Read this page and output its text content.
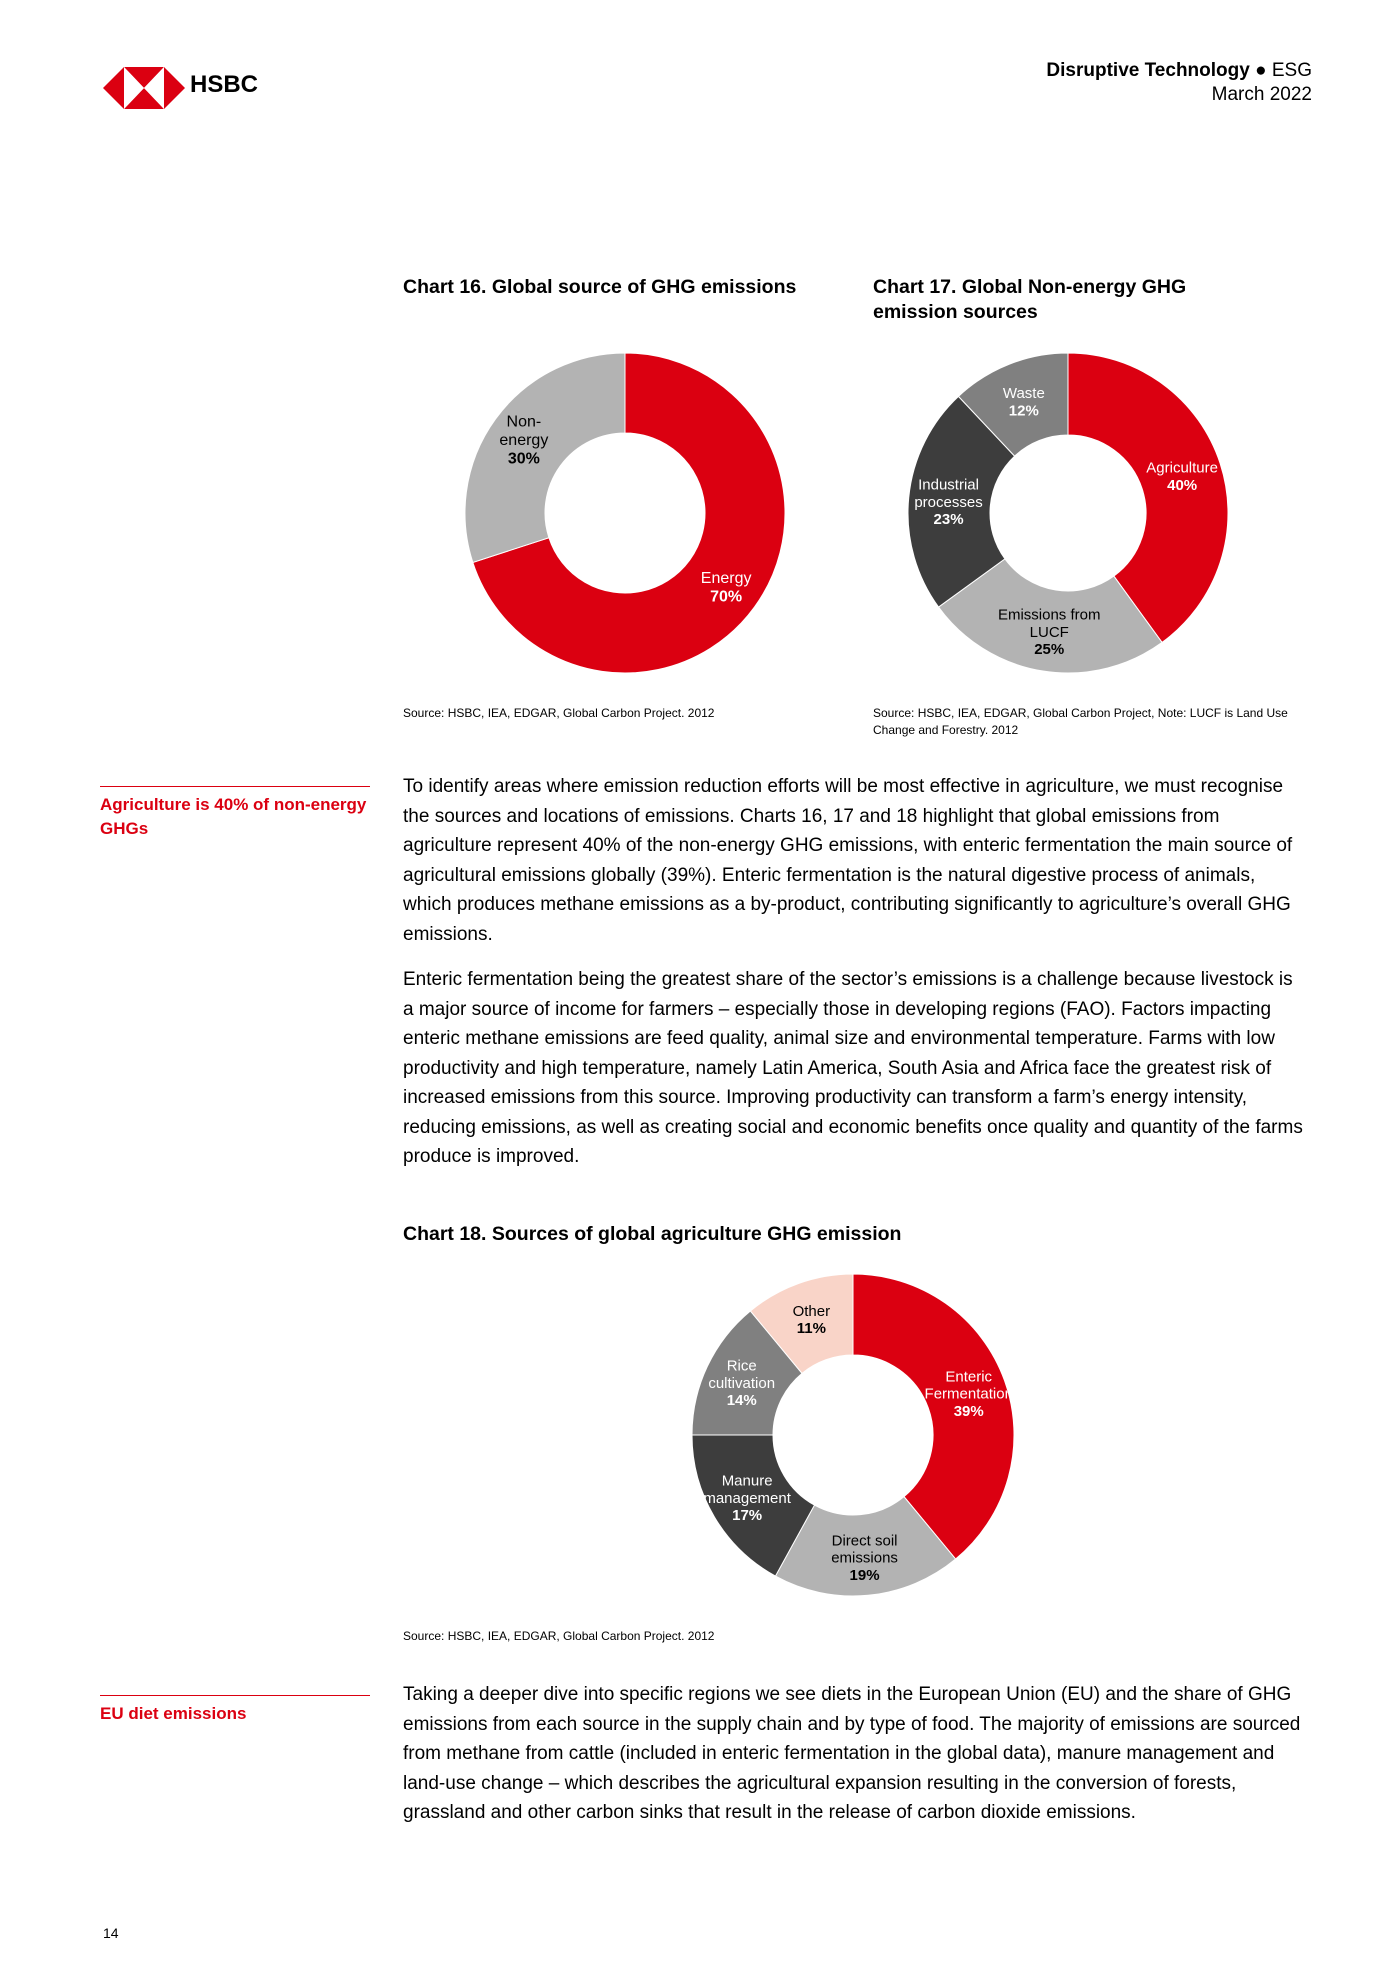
HSBC
Disruptive Technology ● ESG
March 2022
Chart 16. Global source of GHG emissions
Energy 70%
Non-energy 30%
Source: HSBC, IEA, EDGAR, Global Carbon Project. 2012
Chart 17. Global Non-energy GHG
emission sources
Agriculture 40%
Emissions from LUCF 25%
Industrial processes 23%
Waste 12%
Source: HSBC, IEA, EDGAR, Global Carbon Project, Note: LUCF is Land Use
Change and Forestry. 2012
Agriculture is 40% of non-energy GHGs

To identify areas where emission reduction efforts will be most effective in agriculture, we must recognise the sources and locations of emissions. Charts 16, 17 and 18 highlight that global emissions from agriculture represent 40% of the non-energy GHG emissions, with enteric fermentation the main source of agricultural emissions globally (39%). Enteric fermentation is the natural digestive process of animals, which produces methane emissions as a by-product, contributing significantly to agriculture’s overall GHG emissions.

Enteric fermentation being the greatest share of the sector’s emissions is a challenge because livestock is a major source of income for farmers – especially those in developing regions (FAO). Factors impacting enteric methane emissions are feed quality, animal size and environmental temperature. Farms with low productivity and high temperature, namely Latin America, South Asia and Africa face the greatest risk of increased emissions from this source. Improving productivity can transform a farm’s energy intensity, reducing emissions, as well as creating social and economic benefits once quality and quantity of the farms produce is improved.

Chart 18. Sources of global agriculture GHG emission
Enteric Fermentation 39%
Direct soil emissions 19%
Manure management 17%
Rice cultivation 14%
Other 11%
Source: HSBC, IEA, EDGAR, Global Carbon Project. 2012
EU diet emissions

Taking a deeper dive into specific regions we see diets in the European Union (EU) and the share of GHG emissions from each source in the supply chain and by type of food. The majority of emissions are sourced from methane from cattle (included in enteric fermentation in the global data), manure management and land-use change – which describes the agricultural expansion resulting in the conversion of forests, grassland and other carbon sinks that result in the release of carbon dioxide emissions.

14
